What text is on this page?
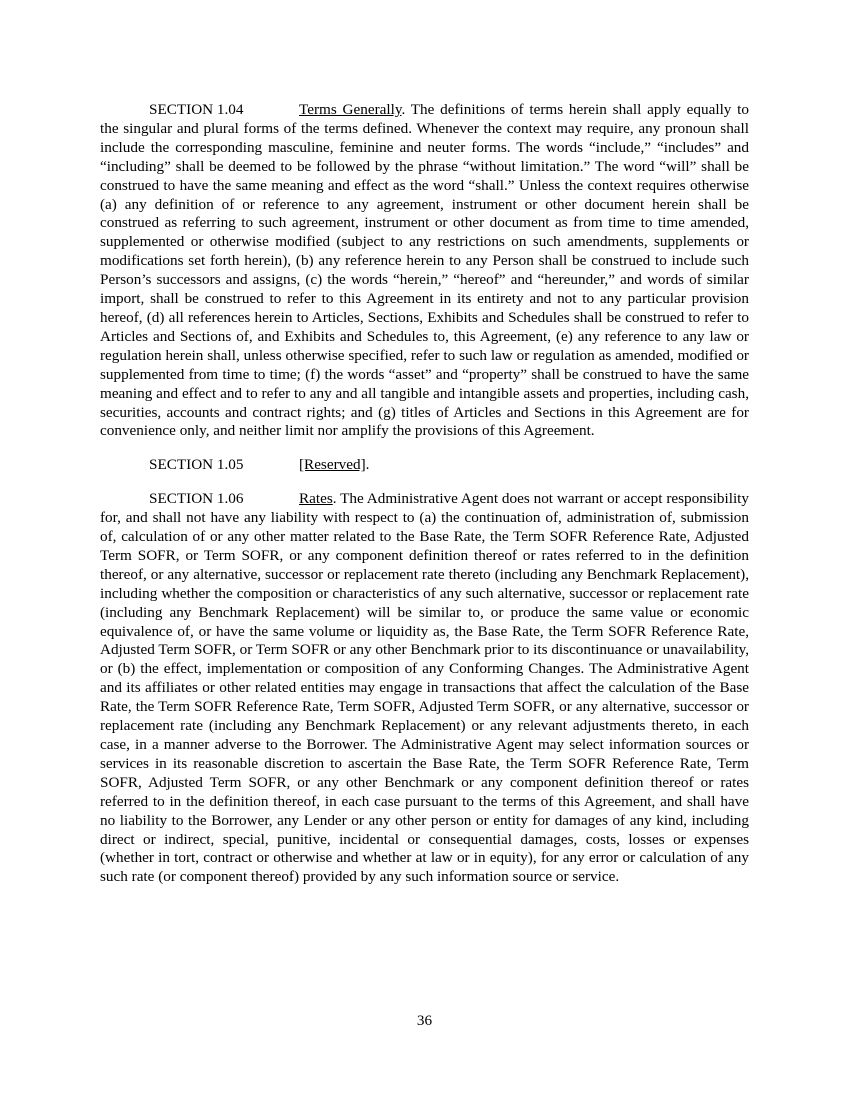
SECTION 1.04	Terms Generally. The definitions of terms herein shall apply equally to the singular and plural forms of the terms defined. Whenever the context may require, any pronoun shall include the corresponding masculine, feminine and neuter forms. The words “include,” “includes” and “including” shall be deemed to be followed by the phrase “without limitation.” The word “will” shall be construed to have the same meaning and effect as the word “shall.” Unless the context requires otherwise (a) any definition of or reference to any agreement, instrument or other document herein shall be construed as referring to such agreement, instrument or other document as from time to time amended, supplemented or otherwise modified (subject to any restrictions on such amendments, supplements or modifications set forth herein), (b) any reference herein to any Person shall be construed to include such Person’s successors and assigns, (c) the words “herein,” “hereof” and “hereunder,” and words of similar import, shall be construed to refer to this Agreement in its entirety and not to any particular provision hereof, (d) all references herein to Articles, Sections, Exhibits and Schedules shall be construed to refer to Articles and Sections of, and Exhibits and Schedules to, this Agreement, (e) any reference to any law or regulation herein shall, unless otherwise specified, refer to such law or regulation as amended, modified or supplemented from time to time; (f) the words “asset” and “property” shall be construed to have the same meaning and effect and to refer to any and all tangible and intangible assets and properties, including cash, securities, accounts and contract rights; and (g) titles of Articles and Sections in this Agreement are for convenience only, and neither limit nor amplify the provisions of this Agreement.

SECTION 1.05	[Reserved].

SECTION 1.06	Rates. The Administrative Agent does not warrant or accept responsibility for, and shall not have any liability with respect to (a) the continuation of, administration of, submission of, calculation of or any other matter related to the Base Rate, the Term SOFR Reference Rate, Adjusted Term SOFR, or Term SOFR, or any component definition thereof or rates referred to in the definition thereof, or any alternative, successor or replacement rate thereto (including any Benchmark Replacement), including whether the composition or characteristics of any such alternative, successor or replacement rate (including any Benchmark Replacement) will be similar to, or produce the same value or economic equivalence of, or have the same volume or liquidity as, the Base Rate, the Term SOFR Reference Rate, Adjusted Term SOFR, or Term SOFR or any other Benchmark prior to its discontinuance or unavailability, or (b) the effect, implementation or composition of any Conforming Changes. The Administrative Agent and its affiliates or other related entities may engage in transactions that affect the calculation of the Base Rate, the Term SOFR Reference Rate, Term SOFR, Adjusted Term SOFR, or any alternative, successor or replacement rate (including any Benchmark Replacement) or any relevant adjustments thereto, in each case, in a manner adverse to the Borrower. The Administrative Agent may select information sources or services in its reasonable discretion to ascertain the Base Rate, the Term SOFR Reference Rate, Term SOFR, Adjusted Term SOFR, or any other Benchmark or any component definition thereof or rates referred to in the definition thereof, in each case pursuant to the terms of this Agreement, and shall have no liability to the Borrower, any Lender or any other person or entity for damages of any kind, including direct or indirect, special, punitive, incidental or consequential damages, costs, losses or expenses (whether in tort, contract or otherwise and whether at law or in equity), for any error or calculation of any such rate (or component thereof) provided by any such information source or service.

36
